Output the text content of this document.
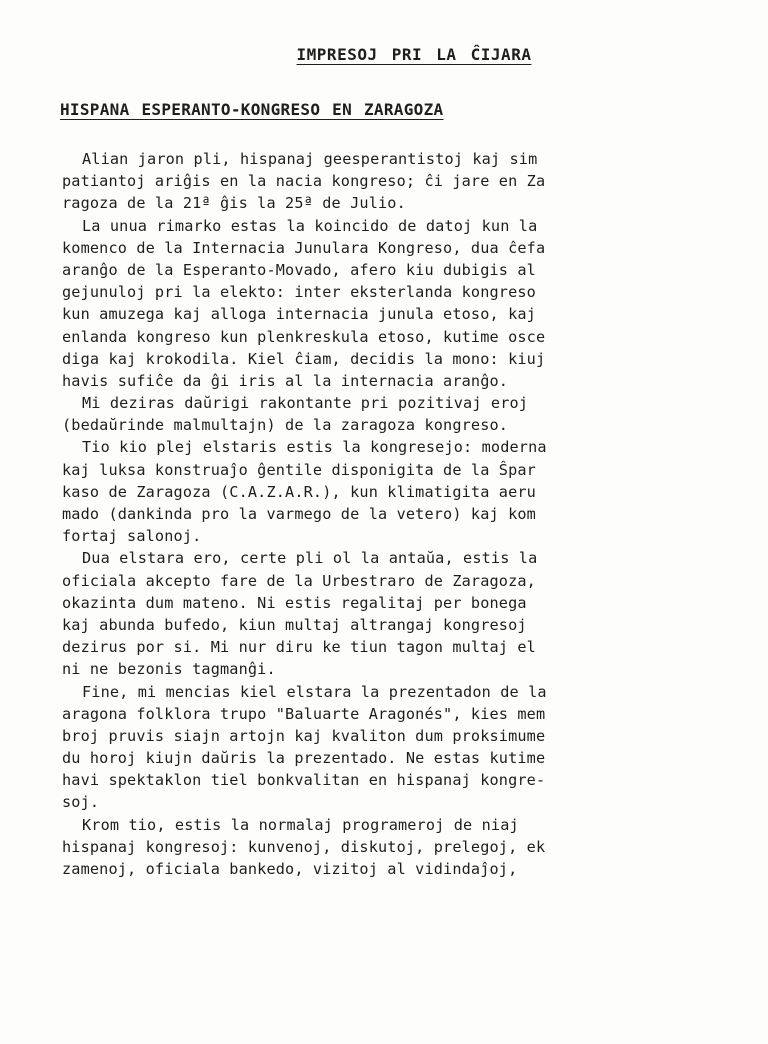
IMPRESOJ PRI LA ĈIJARA
HISPANA ESPERANTO-KONGRESO EN ZARAGOZA
Alian jaron pli, hispanaj geesperantistoj kaj sim
patiantoj ariĝis en la nacia kongreso; ĉi jare en Za
ragoza de la 21ª ĝis la 25ª de Julio.
La unua rimarko estas la koincido de datoj kun la
komenco de la Internacia Junulara Kongreso, dua ĉefa
aranĝo de la Esperanto-Movado, afero kiu dubigis al
gejunuloj pri la elekto: inter eksterlanda kongreso
kun amuzega kaj alloga internacia junula etoso, kaj
enlanda kongreso kun plenkreskula etoso, kutime osce
diga kaj krokodila. Kiel ĉiam, decidis la mono: kiuj
havis sufiĉe da ĝi iris al la internacia aranĝo.
Mi deziras daŭrigi rakontante pri pozitivaj eroj
(bedaŭrinde malmultajn) de la zaragoza kongreso.
Tio kio plej elstaris estis la kongresejo: moderna
kaj luksa konstruaĵo ĝentile disponigita de la Ŝpar
kaso de Zaragoza (C.A.Z.A.R.), kun klimatigita aeru
mado (dankinda pro la varmego de la vetero) kaj kom
fortaj salonoj.
Dua elstara ero, certe pli ol la antaŭa, estis la
oficiala akcepto fare de la Urbestraro de Zaragoza,
okazinta dum mateno. Ni estis regalitaj per bonega
kaj abunda bufedo, kiun multaj altrangaj kongresoj
dezirus por si. Mi nur diru ke tiun tagon multaj el
ni ne bezonis tagmanĝi.
Fine, mi mencias kiel elstara la prezentadon de la
aragona folklora trupo "Baluarte Aragonés", kies mem
broj pruvis siajn artojn kaj kvaliton dum proksimume
du horoj kiujn daŭris la prezentado. Ne estas kutime
havi spektaklon tiel bonkvalitan en hispanaj kongre-
soj.
Krom tio, estis la normalaj programeroj de niaj
hispanaj kongresoj: kunvenoj, diskutoj, prelegoj, ek
zamenoj, oficiala bankedo, vizitoj al vidindaĵoj,
